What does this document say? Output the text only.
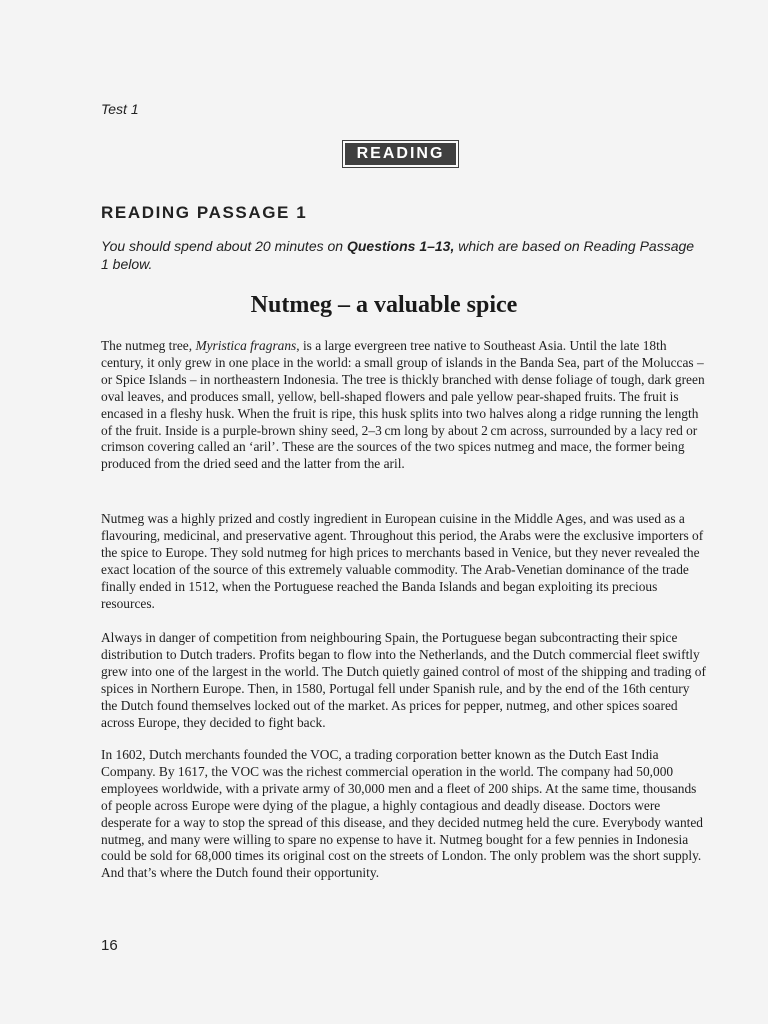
Test 1
READING
READING PASSAGE 1
You should spend about 20 minutes on Questions 1–13, which are based on Reading Passage 1 below.
Nutmeg – a valuable spice

The nutmeg tree, Myristica fragrans, is a large evergreen tree native to Southeast Asia. Until the late 18th century, it only grew in one place in the world: a small group of islands in the Banda Sea, part of the Moluccas – or Spice Islands – in northeastern Indonesia. The tree is thickly branched with dense foliage of tough, dark green oval leaves, and produces small, yellow, bell-shaped flowers and pale yellow pear-shaped fruits. The fruit is encased in a fleshy husk. When the fruit is ripe, this husk splits into two halves along a ridge running the length of the fruit. Inside is a purple-brown shiny seed, 2–3 cm long by about 2 cm across, surrounded by a lacy red or crimson covering called an ‘aril’. These are the sources of the two spices nutmeg and mace, the former being produced from the dried seed and the latter from the aril.

Nutmeg was a highly prized and costly ingredient in European cuisine in the Middle Ages, and was used as a flavouring, medicinal, and preservative agent. Throughout this period, the Arabs were the exclusive importers of the spice to Europe. They sold nutmeg for high prices to merchants based in Venice, but they never revealed the exact location of the source of this extremely valuable commodity. The Arab-Venetian dominance of the trade finally ended in 1512, when the Portuguese reached the Banda Islands and began exploiting its precious resources.

Always in danger of competition from neighbouring Spain, the Portuguese began subcontracting their spice distribution to Dutch traders. Profits began to flow into the Netherlands, and the Dutch commercial fleet swiftly grew into one of the largest in the world. The Dutch quietly gained control of most of the shipping and trading of spices in Northern Europe. Then, in 1580, Portugal fell under Spanish rule, and by the end of the 16th century the Dutch found themselves locked out of the market. As prices for pepper, nutmeg, and other spices soared across Europe, they decided to fight back.

In 1602, Dutch merchants founded the VOC, a trading corporation better known as the Dutch East India Company. By 1617, the VOC was the richest commercial operation in the world. The company had 50,000 employees worldwide, with a private army of 30,000 men and a fleet of 200 ships. At the same time, thousands of people across Europe were dying of the plague, a highly contagious and deadly disease. Doctors were desperate for a way to stop the spread of this disease, and they decided nutmeg held the cure. Everybody wanted nutmeg, and many were willing to spare no expense to have it. Nutmeg bought for a few pennies in Indonesia could be sold for 68,000 times its original cost on the streets of London. The only problem was the short supply. And that’s where the Dutch found their opportunity.

16
